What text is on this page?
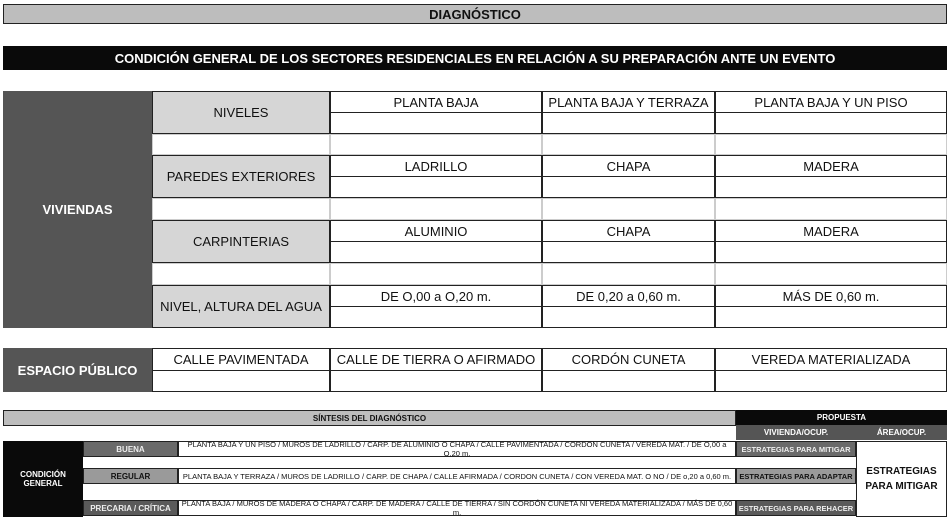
DIAGNÓSTICO
CONDICIÓN GENERAL DE LOS SECTORES RESIDENCIALES EN RELACIÓN A SU PREPARACIÓN ANTE UN EVENTO
VIVIENDAS
NIVELES
PLANTA BAJA	PLANTA BAJA Y TERRAZA	PLANTA BAJA Y UN PISO
PAREDES EXTERIORES
LADRILLO	CHAPA	MADERA
CARPINTERIAS
ALUMINIO	CHAPA	MADERA
NIVEL, ALTURA DEL AGUA
DE O,00 a O,20 m.	DE 0,20 a 0,60 m.	MÁS DE 0,60 m.
ESPACIO PÚBLICO
CALLE PAVIMENTADA	CALLE DE TIERRA O AFIRMADO	CORDÓN CUNETA	VEREDA MATERIALIZADA
SÍNTESIS DEL DIAGNÓSTICO	PROPUESTA
VIVIENDA/OCUP.	ÁREA/OCUP.
CONDICIÓN GENERAL
ESTRATEGIAS PARA MITIGAR
BUENA	PLANTA BAJA Y UN PISO / MUROS DE LADRILLO / CARP. DE ALUMINIO O CHAPA / CALLE PAVIMENTADA / CORDON CUNETA / VEREDA MAT. / DE O,00 a O,20 m.	ESTRATEGIAS PARA MITIGAR
REGULAR	PLANTA BAJA Y TERRAZA / MUROS DE LADRILLO / CARP. DE CHAPA / CALLE AFIRMADA / CORDON CUNETA / CON VEREDA MAT. O NO / DE o,20 a 0,60 m.	ESTRATEGIAS PARA ADAPTAR
PRECARIA / CRÍTICA	PLANTA BAJA / MUROS DE MADERA O CHAPA / CARP. DE MADERA / CALLE DE TIERRA / SIN CORDÓN CUNETA NI VEREDA MATERIALIZADA / MÁS DE 0,60 m.	ESTRATEGIAS PARA REHACER
